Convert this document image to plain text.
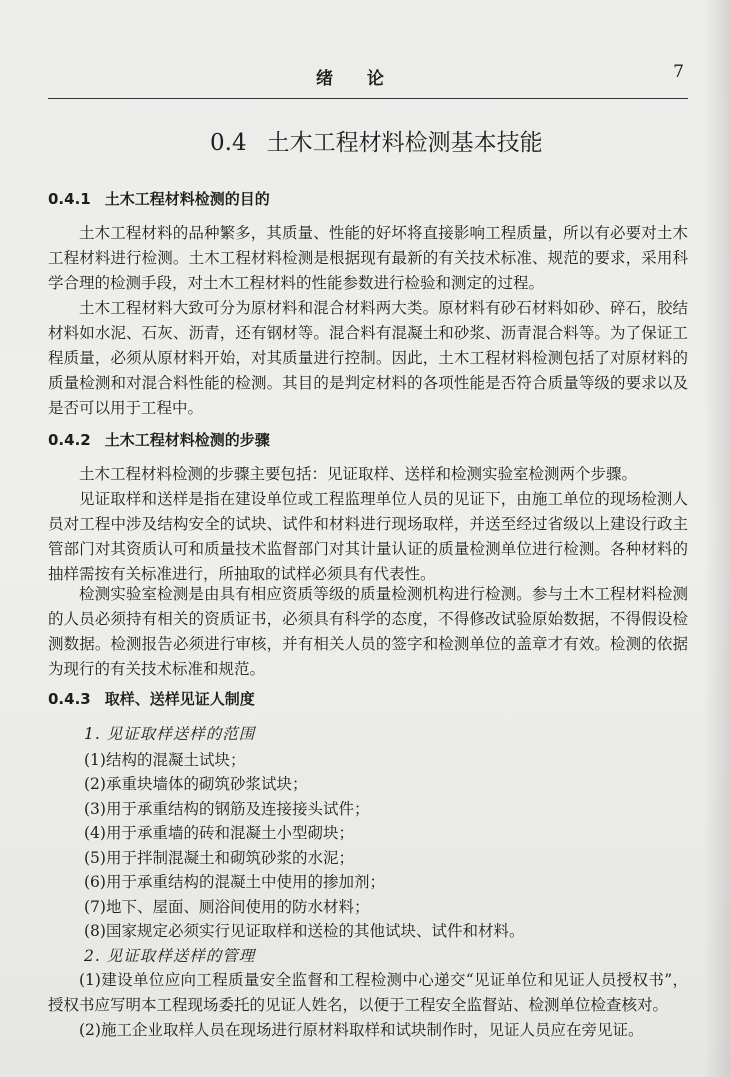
绪 论	7
0.4 土木工程材料检测基本技能
0.4.1 土木工程材料检测的目的
土木工程材料的品种繁多，其质量、性能的好坏将直接影响工程质量，所以有必要对土木工程材料进行检测。土木工程材料检测是根据现有最新的有关技术标准、规范的要求，采用科学合理的检测手段，对土木工程材料的性能参数进行检验和测定的过程。
土木工程材料大致可分为原材料和混合材料两大类。原材料有砂石材料如砂、碎石，胶结材料如水泥、石灰、沥青，还有钢材等。混合料有混凝土和砂浆、沥青混合料等。为了保证工程质量，必须从原材料开始，对其质量进行控制。因此，土木工程材料检测包括了对原材料的质量检测和对混合料性能的检测。其目的是判定材料的各项性能是否符合质量等级的要求以及是否可以用于工程中。
0.4.2 土木工程材料检测的步骤
土木工程材料检测的步骤主要包括：见证取样、送样和检测实验室检测两个步骤。
见证取样和送样是指在建设单位或工程监理单位人员的见证下，由施工单位的现场检测人员对工程中涉及结构安全的试块、试件和材料进行现场取样，并送至经过省级以上建设行政主管部门对其资质认可和质量技术监督部门对其计量认证的质量检测单位进行检测。各种材料的抽样需按有关标准进行，所抽取的试样必须具有代表性。
检测实验室检测是由具有相应资质等级的质量检测机构进行检测。参与土木工程材料检测的人员必须持有相关的资质证书，必须具有科学的态度，不得修改试验原始数据，不得假设检测数据。检测报告必须进行审核，并有相关人员的签字和检测单位的盖章才有效。检测的依据为现行的有关技术标准和规范。
0.4.3 取样、送样见证人制度
1. 见证取样送样的范围
(1)结构的混凝土试块；
(2)承重块墙体的砌筑砂浆试块；
(3)用于承重结构的钢筋及连接接头试件；
(4)用于承重墙的砖和混凝土小型砌块；
(5)用于拌制混凝土和砌筑砂浆的水泥；
(6)用于承重结构的混凝土中使用的掺加剂；
(7)地下、屋面、厕浴间使用的防水材料；
(8)国家规定必须实行见证取样和送检的其他试块、试件和材料。
2. 见证取样送样的管理
(1)建设单位应向工程质量安全监督和工程检测中心递交“见证单位和见证人员授权书”，授权书应写明本工程现场委托的见证人姓名，以便于工程安全监督站、检测单位检查核对。
(2)施工企业取样人员在现场进行原材料取样和试块制作时，见证人员应在旁见证。
